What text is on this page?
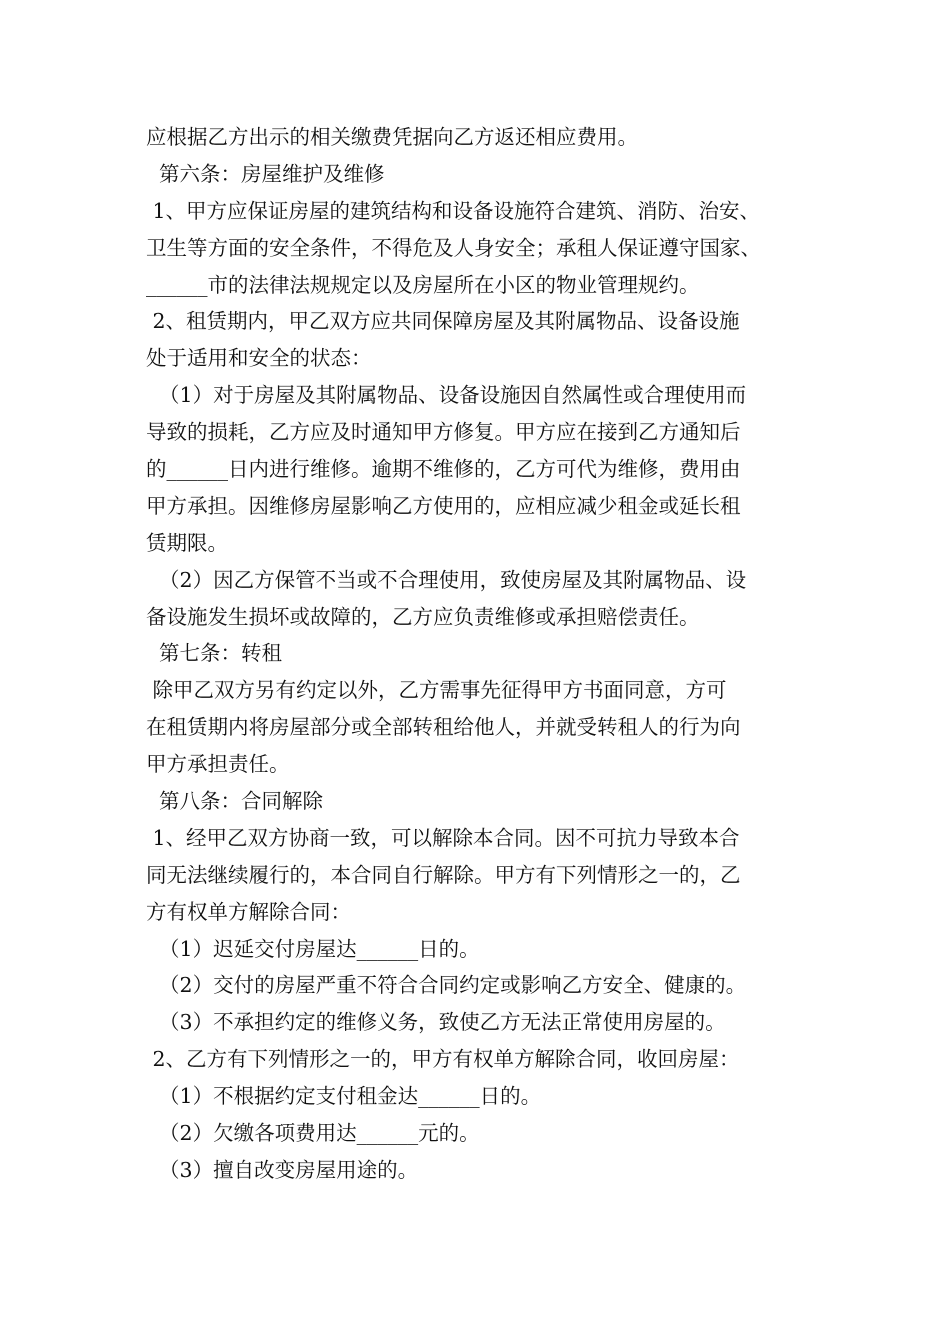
应根据乙方出示的相关缴费凭据向乙方返还相应费用。
第六条：房屋维护及维修
1、甲方应保证房屋的建筑结构和设备设施符合建筑、消防、治安、
卫生等方面的安全条件，不得危及人身安全；承租人保证遵守国家、
______市的法律法规规定以及房屋所在小区的物业管理规约。
2、租赁期内，甲乙双方应共同保障房屋及其附属物品、设备设施
处于适用和安全的状态：
（1）对于房屋及其附属物品、设备设施因自然属性或合理使用而
导致的损耗，乙方应及时通知甲方修复。甲方应在接到乙方通知后
的______日内进行维修。逾期不维修的，乙方可代为维修，费用由
甲方承担。因维修房屋影响乙方使用的，应相应减少租金或延长租
赁期限。
（2）因乙方保管不当或不合理使用，致使房屋及其附属物品、设
备设施发生损坏或故障的，乙方应负责维修或承担赔偿责任。
第七条：转租
除甲乙双方另有约定以外，乙方需事先征得甲方书面同意，方可
在租赁期内将房屋部分或全部转租给他人，并就受转租人的行为向
甲方承担责任。
第八条：合同解除
1、经甲乙双方协商一致，可以解除本合同。因不可抗力导致本合
同无法继续履行的，本合同自行解除。甲方有下列情形之一的，乙
方有权单方解除合同：
（1）迟延交付房屋达______日的。
（2）交付的房屋严重不符合合同约定或影响乙方安全、健康的。
（3）不承担约定的维修义务，致使乙方无法正常使用房屋的。
2、乙方有下列情形之一的，甲方有权单方解除合同，收回房屋：
（1）不根据约定支付租金达______日的。
（2）欠缴各项费用达______元的。
（3）擅自改变房屋用途的。
